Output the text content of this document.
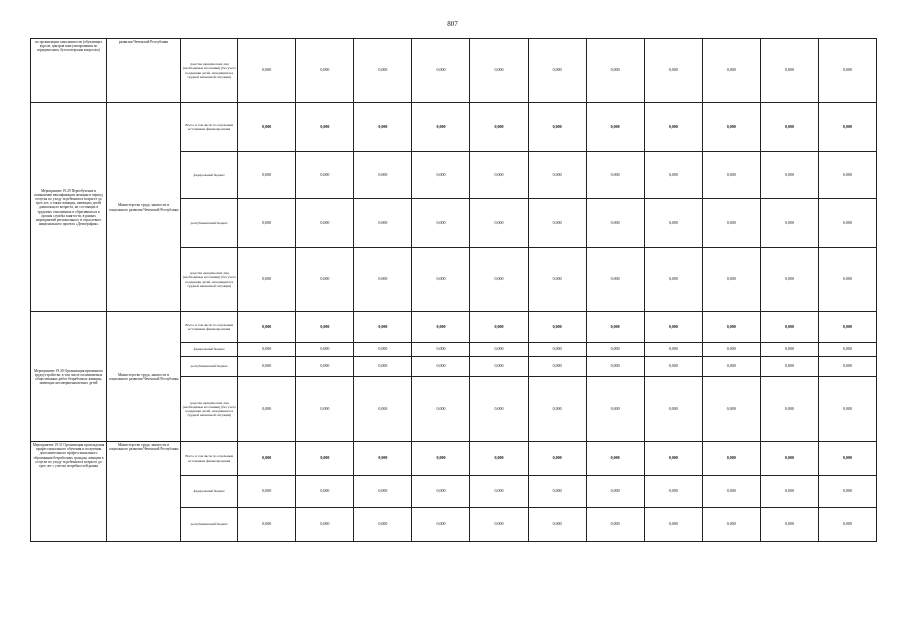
807
по организации самозанятости (обучающих курсов, центров консультирования по юридическим, бухгалтерским вопросам)	развития Чеченской Республики	средства юридических лиц (необходимые источники) (без учета поддержки детей, находящихся в трудной жизненной ситуации)	0,000	0,000	0,000	0,000	0,000	0,000	0,000	0,000	0,000	0,000	0,000
Мероприятие 19.29 Переобучение и повышение квалификации женщин в период отпуска по уходу за ребенком в возрасте до трех лет, а также женщин, имеющих детей дошкольного возраста, не состоящих в трудовых отношениях и обратившихся в органы службы занятости, в рамках мероприятий регионального и отраслевого национального проекта «Демография»	Министерство труда, занятости и социального развития Чеченской Республики	Всего, в том числе по отдельным источникам финансирования	0,000	0,000	0,000	0,000	0,000	0,000	0,000	0,000	0,000	0,000	0,000
		федеральный бюджет	0,000	0,000	0,000	0,000	0,000	0,000	0,000	0,000	0,000	0,000	0,000
		республиканский бюджет	0,000	0,000	0,000	0,000	0,000	0,000	0,000	0,000	0,000	0,000	0,000
		средства юридических лиц (необходимые источники) (без учета поддержки детей, находящихся в трудной жизненной ситуации)	0,000	0,000	0,000	0,000	0,000	0,000	0,000	0,000	0,000	0,000	0,000
Мероприятие 19.30 Организация временного трудоустройства, в том числе оплачиваемых общественных работ безработных женщин, имеющих несовершеннолетних детей	Министерство труда, занятости и социального развития Чеченской Республики	Всего, в том числе по отдельным источникам финансирования	0,000	0,000	0,000	0,000	0,000	0,000	0,000	0,000	0,000	0,000	0,000
		федеральный бюджет	0,000	0,000	0,000	0,000	0,000	0,000	0,000	0,000	0,000	0,000	0,000
		республиканский бюджет	0,000	0,000	0,000	0,000	0,000	0,000	0,000	0,000	0,000	0,000	0,000
		средства юридических лиц (необходимые источники) (без учета поддержки детей, находящихся в трудной жизненной ситуации)	0,000	0,000	0,000	0,000	0,000	0,000	0,000	0,000	0,000	0,000	0,000
Мероприятие 19.31 Организация прохождения профессионального обучения и получения дополнительного профессионального образования безработных граждан, женщин в отпуске по уходу за ребенком в возрасте до трех лет с учетом потребностей рынка	Министерство труда, занятости и социального развития Чеченской Республики	Всего, в том числе по отдельным источникам финансирования	0,000	0,000	0,000	0,000	0,000	0,000	0,000	0,000	0,000	0,000	0,000
		федеральный бюджет	0,000	0,000	0,000	0,000	0,000	0,000	0,000	0,000	0,000	0,000	0,000
		республиканский бюджет	0,000	0,000	0,000	0,000	0,000	0,000	0,000	0,000	0,000	0,000	0,000
